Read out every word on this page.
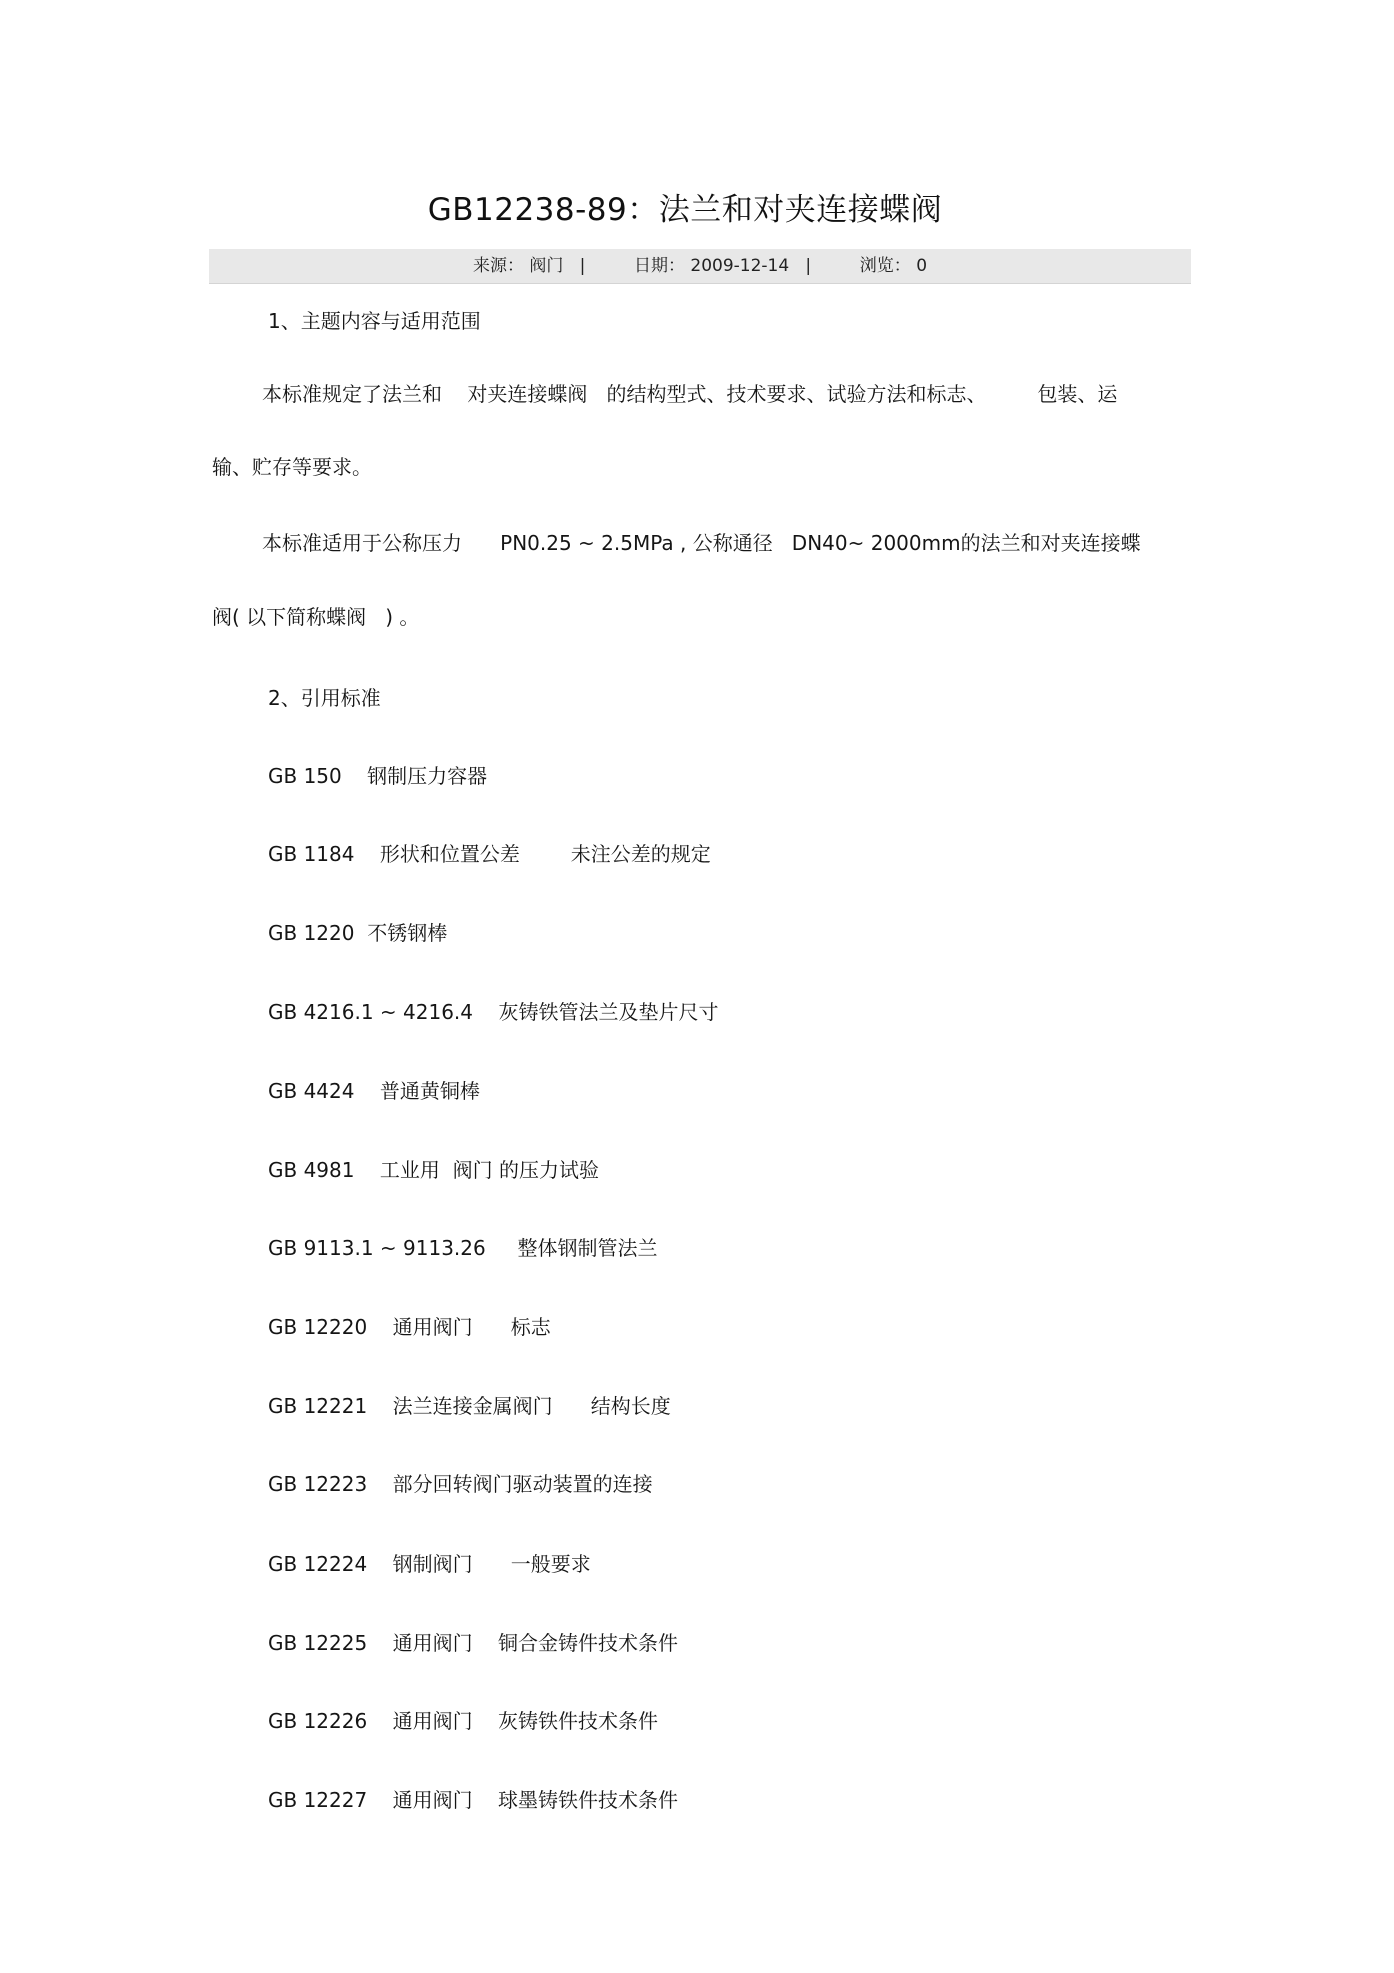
GB12238-89：法兰和对夹连接蝶阀
来源： 阀门 |	日期： 2009-12-14 |	浏览： 0
1、主题内容与适用范围
本标准规定了法兰和    对夹连接蝶阀   的结构型式、技术要求、试验方法和标志、        包装、运
输、贮存等要求。
本标准适用于公称压力      PN0.25 ~ 2.5MPa , 公称通径   DN40~ 2000mm的法兰和对夹连接蝶
阀( 以下简称蝶阀   ) 。
2、引用标准
GB 150    钢制压力容器
GB 1184    形状和位置公差        未注公差的规定
GB 1220  不锈钢棒
GB 4216.1 ~ 4216.4    灰铸铁管法兰及垫片尺寸
GB 4424    普通黄铜棒
GB 4981    工业用  阀门 的压力试验
GB 9113.1 ~ 9113.26     整体钢制管法兰
GB 12220    通用阀门      标志
GB 12221    法兰连接金属阀门      结构长度
GB 12223    部分回转阀门驱动装置的连接
GB 12224    钢制阀门      一般要求
GB 12225    通用阀门    铜合金铸件技术条件
GB 12226    通用阀门    灰铸铁件技术条件
GB 12227    通用阀门    球墨铸铁件技术条件
